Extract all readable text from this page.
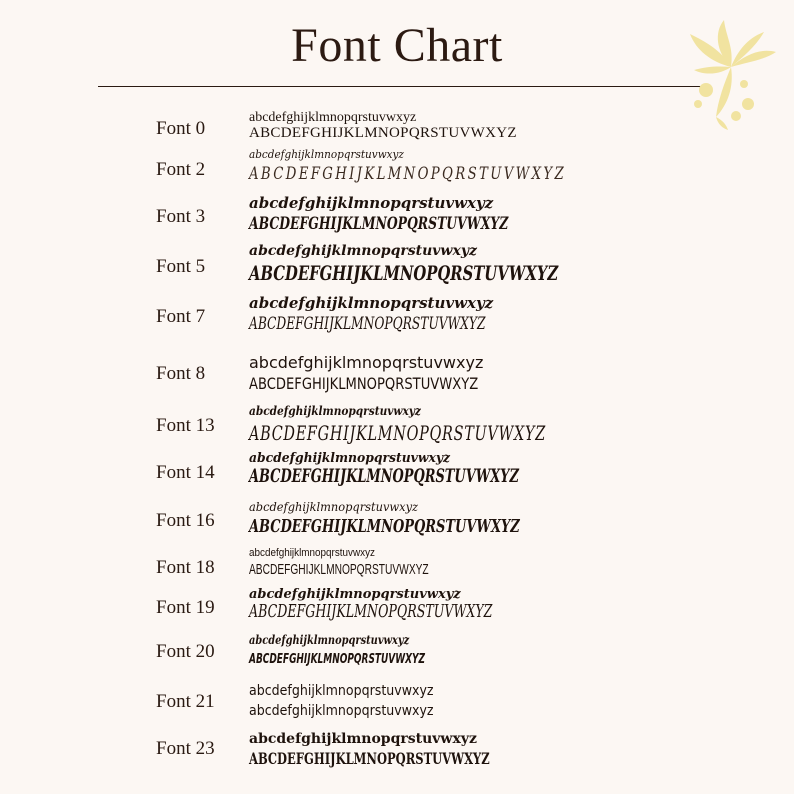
Font Chart
Font 0
abcdefghijklmnopqrstuvwxyz
ABCDEFGHIJKLMNOPQRSTUVWXYZ
Font 2
abcdefghijklmnopqrstuvwxyz
ABCDEFGHIJKLMNOPQRSTUVWXYZ
Font 3
abcdefghijklmnopqrstuvwxyz
ABCDEFGHIJKLMNOPQRSTUVWXYZ
Font 5
abcdefghijklmnopqrstuvwxyz
ABCDEFGHIJKLMNOPQRSTUVWXYZ
Font 7
abcdefghijklmnopqrstuvwxyz
ABCDEFGHIJKLMNOPQRSTUVWXYZ
Font 8
abcdefghijklmnopqrstuvwxyz
ABCDEFGHIJKLMNOPQRSTUVWXYZ
Font 13
abcdefghijklmnopqrstuvwxyz
ABCDEFGHIJKLMNOPQRSTUVWXYZ
Font 14
abcdefghijklmnopqrstuvwxyz
ABCDEFGHIJKLMNOPQRSTUVWXYZ
Font 16
abcdefghijklmnopqrstuvwxyz
ABCDEFGHIJKLMNOPQRSTUVWXYZ
Font 18
abcdefghijklmnopqrstuvwxyz
ABCDEFGHIJKLMNOPQRSTUVWXYZ
Font 19
abcdefghijklmnopqrstuvwxyz
ABCDEFGHIJKLMNOPQRSTUVWXYZ
Font 20
abcdefghijklmnopqrstuvwxyz
ABCDEFGHIJKLMNOPQRSTUVWXYZ
Font 21 abcdefghijklmnopqrstuvwxyz
abcdefghijklmnopqrstuvwxyz
Font 23 abcdefghijklmnopqrstuvwxyz
ABCDEFGHIJKLMNOPQRSTUVWXYZ
